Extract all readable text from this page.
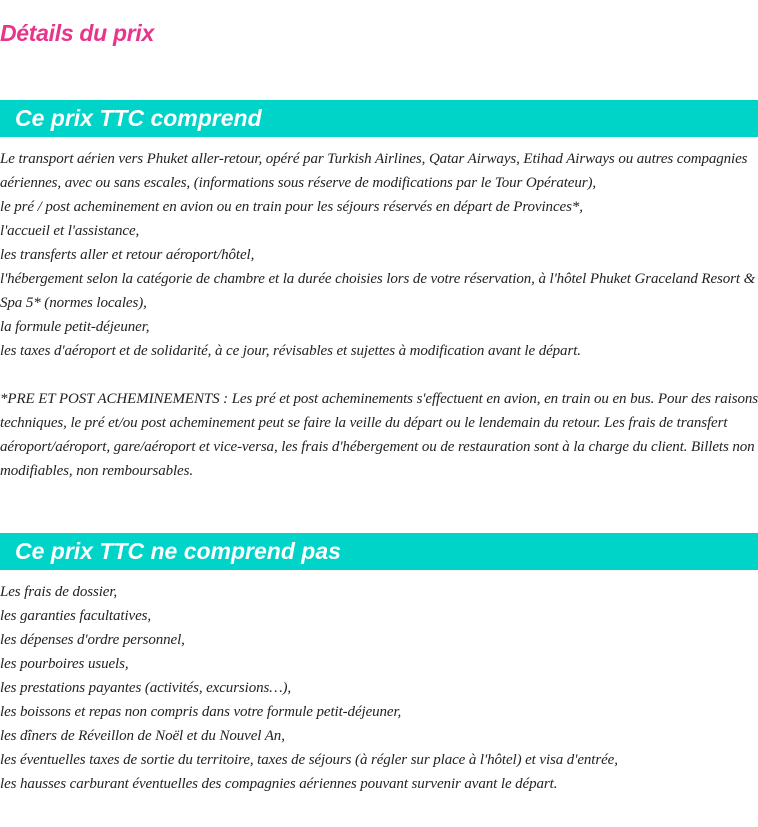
Détails du prix
Ce prix TTC comprend
Le transport aérien vers Phuket aller-retour, opéré par Turkish Airlines, Qatar Airways, Etihad Airways ou autres compagnies aériennes, avec ou sans escales, (informations sous réserve de modifications par le Tour Opérateur),
le pré / post acheminement en avion ou en train pour les séjours réservés en départ de Provinces*,
l'accueil et l'assistance,
les transferts aller et retour aéroport/hôtel,
l'hébergement selon la catégorie de chambre et la durée choisies lors de votre réservation, à l'hôtel Phuket Graceland Resort & Spa 5* (normes locales),
la formule petit-déjeuner,
les taxes d'aéroport et de solidarité, à ce jour, révisables et sujettes à modification avant le départ.

*PRE ET POST ACHEMINEMENTS : Les pré et post acheminements s'effectuent en avion, en train ou en bus. Pour des raisons techniques, le pré et/ou post acheminement peut se faire la veille du départ ou le lendemain du retour. Les frais de transfert aéroport/aéroport, gare/aéroport et vice-versa, les frais d'hébergement ou de restauration sont à la charge du client. Billets non modifiables, non remboursables.

Ce prix TTC ne comprend pas
Les frais de dossier,
les garanties facultatives,
les dépenses d'ordre personnel,
les pourboires usuels,
les prestations payantes (activités, excursions…),
les boissons et repas non compris dans votre formule petit-déjeuner,
les dîners de Réveillon de Noël et du Nouvel An,
les éventuelles taxes de sortie du territoire, taxes de séjours (à régler sur place à l'hôtel) et visa d'entrée,
les hausses carburant éventuelles des compagnies aériennes pouvant survenir avant le départ.
